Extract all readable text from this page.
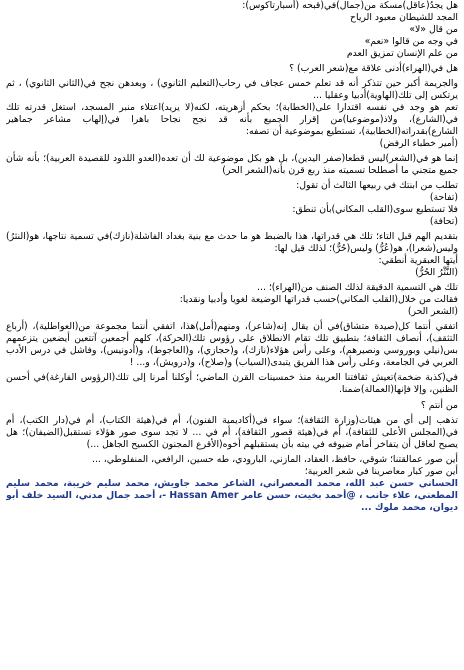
هل يجدُ(عاقل)مسكة من(جمال)في(قبحه (أسبارتاكوس):
المجد للشيطان معبود الرياح
من قال «لا»
في وجه من قالوا «نعم»
من علم الإنسان تمزيق العدم
هل في(الهراء)أدنى علاقة مع(شعر العرب) ؟
والجريمة أكبر حين تتذكر أنه قد تعلم خمس عجاف في رحاب(التعليم الثانوي) ، وبعدهن نجح في(الثاني الثانوي) ، ثم يرتكس إلى تلك(الهاوية)أدبيا وعقليا ...
تعم هو وجد في نفسه اقتدارا على(الخطابة)؛ بحكم أزهريته، لكنه(لا يريد)اعتلاء منبر المسجد، استغل قدرته تلك في(الشارع)، ولاذ(موضوعيا)من إقرار الجميع بأنه قد نجح نجاحا باهرا في(إلهاب مشاعر جماهير الشارع)بقدراته(الخطابية)، تستطيع بموضوعية أن تصفه:
(أمير خطباء الرفض)
إنما هو في(الشعر)ليس قطعا(صفر اليدين)، بل هو بكل موضوعية لك أن تعده(العدو اللدود للقصيدة العربية)؛ بأنه شأن جميع متجني ما أصطلحا تسميته منذ ربع قرن بأنه(الشعر الحر)
تطلب من ابنتك في ربيعها الثالث أن تقول:
(تفاحة)
فلا تستطيع سوى(القلب المكاني)بأن تنطق:
(تحافة)
بتقديم الهم قبل التاء؛ تلك هي قدراتها، هذا بالضبط هو ما حدث مع بنية بغداد الفاشلة(نازك)في تسمية نتاجها، هو(النثرُ) وليس(شعرا)، هو(عُرُّ) وليس(حُرٌّ)؛ لذلك قيل لها:
أيتها العبقرية أنطقي:
(النَّثْرُ الحُرُّ)
تلك هي التسمية الدقيقة لذلك الصنف من(الهراء)؛ ...
فقالت من خلال(القلب المكاني)حسب قدراتها الوضيعة لغويا وأدبيا ونقديا:
(الشعر الحر)
اتفقي أنتما كل(صيدة متشاق)في أن يقال إنه(شاعر)، ومنهم(أمل)هذا، اتفقي أنتما مجموعة من(العواطلية)، (أرباع التثقف)، أنصاف الثقافة؛ بتطبيق تلك تقام الانطلاق على رؤوس تلك(الحركة)، كلهم أجمعين آتتعين أيضعين يتزعمهم بس(نيلي وبوروسي ونصيرهم)، وعلى رأس هؤلاء(نازك)، و(حجازي)، و(العاجوط)، و(أدونيس)، وفاشل في درس الأدب العربي في الجامعة، وعلى رأس هذا الفريق يتبدى(السياب) و(صلاح)، و(درويش)، و... !
في(كذبة ضخمة)تعيش ثقافتنا العربية منذ خمسينات القرن الماضي؛ أوكلنا أمرنا إلى تلك(الرؤوس الفارغة)في أحسن الظنين، وإلا فإنها(العمالة)ضمنا.
من أنتم ؟
تذهب إلى أي من هيئات(وزارة الثقافة)؛ سواء في(أكاديمية الفنون)، أم في(هيئة الكتاب)، أم في(دار الكتب)، أم في(المجلس الأعلى للثقافة)، أم في(هيئة قصور الثقافة)، أم في ... لا تجد سوى صور هؤلاء تستقبل(الضيفان)؛ هل يصبح لعاقل أن يتفاخر أمام ضيوفه في بيته بأن يستقبلهم أخوه(الأقرع المجنون الكسيح الجاهل ...)
أين صور عمالقتنا؛ شوقي، حافظ، العقاد، المازني، البارودي، طه حسين، الرافعي، المنفلوطي، ...
أين صور كبار معاصرينا في شعر العربية؛
الحساني حسن عبد الله، محمد المعصراني، الشاعر محمد جاويش، محمد سليم خريبة، محمد سليم المطعني، علاء جانب ، @أحمد بخيت، حسن عامر ‎- Hassan Amer، أحمد جمال مدني، السيد خلف أبو ديوان، محمد ملوك ...
